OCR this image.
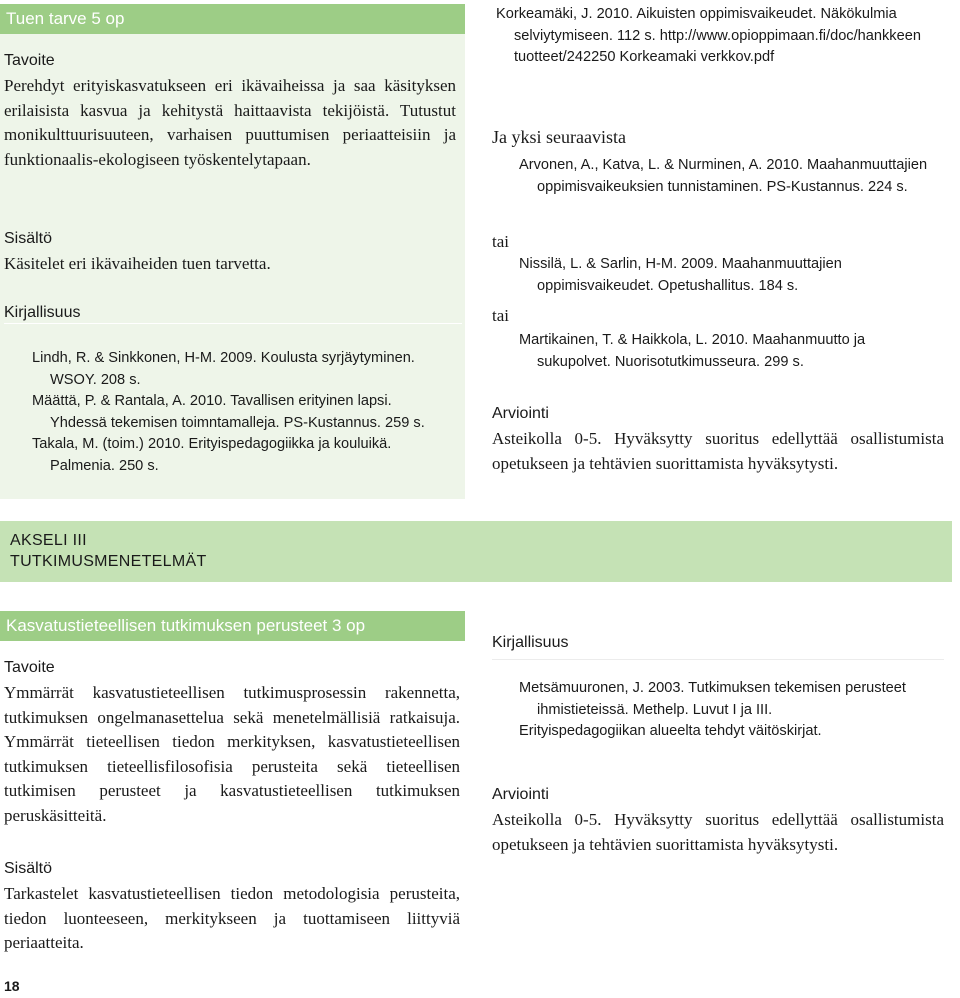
Tuen tarve 5 op
Tavoite
Perehdyt erityiskasvatukseen eri ikävaiheissa ja saa käsityksen erilaisista kasvua ja kehitystä haittaavista tekijöistä. Tutustut monikulttuurisuuteen, varhaisen puuttumisen periaatteisiin ja funktionaalis-ekologiseen työskentelytapaan.
Sisältö
Käsitelet eri ikävaiheiden tuen tarvetta.
Kirjallisuus

Lindh, R. & Sinkkonen, H-M. 2009. Koulusta syrjäytyminen. WSOY. 208 s.

Määttä, P. & Rantala, A. 2010. Tavallisen erityinen lapsi. Yhdessä tekemisen toimntamalleja. PS-Kustannus. 259 s.

Takala, M. (toim.) 2010. Erityispedagogiikka ja kouluikä. Palmenia. 250 s.

Korkeamäki, J. 2010. Aikuisten oppimisvaikeudet. Näkökulmia selviytymiseen. 112 s. http://www.opioppimaan.fi/doc/hankkeen tuotteet/242250 Korkeamaki verkkov.pdf

Ja yksi seuraavista

Arvonen, A., Katva, L. & Nurminen, A. 2010. Maahanmuuttajien oppimisvaikeuksien tunnistaminen. PS-Kustannus. 224 s.

tai

Nissilä, L. & Sarlin, H-M. 2009. Maahanmuuttajien oppimisvaikeudet. Opetushallitus. 184 s.

tai

Martikainen, T. & Haikkola, L. 2010. Maahanmuutto ja sukupolvet. Nuorisotutkimusseura. 299 s.

Arviointi
Asteikolla 0-5. Hyväksytty suoritus edellyttää osallistumista opetukseen ja tehtävien suorittamista hyväksytysti.
AKSELI III
TUTKIMUSMENETELMÄT
Kasvatustieteellisen tutkimuksen perusteet 3 op
Tavoite
Ymmärrät kasvatustieteellisen tutkimusprosessin rakennetta, tutkimuksen ongelmanasettelua sekä menetelmällisiä ratkaisuja. Ymmärrät tieteellisen tiedon merkityksen, kasvatustieteellisen tutkimuksen tieteellisfilosofisia perusteita sekä tieteellisen tutkimisen perusteet ja kasvatustieteellisen tutkimuksen peruskäsitteitä.
Sisältö
Tarkastelet kasvatustieteellisen tiedon metodologisia perusteita, tiedon luonteeseen, merkitykseen ja tuottamiseen liittyviä periaatteita.
18
Kirjallisuus

Metsämuuronen, J. 2003. Tutkimuksen tekemisen perusteet ihmistieteissä. Methelp. Luvut I ja III.

Erityispedagogiikan alueelta tehdyt väitöskirjat.

Arviointi
Asteikolla 0-5. Hyväksytty suoritus edellyttää osallistumista opetukseen ja tehtävien suorittamista hyväksytysti.
